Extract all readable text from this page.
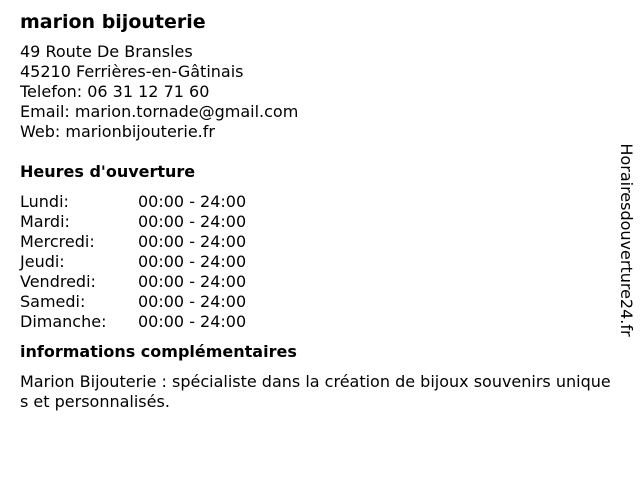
marion bijouterie
49 Route De Bransles
45210 Ferrières-en-Gâtinais
Telefon: 06 31 12 71 60
Email: marion.tornade@gmail.com
Web: marionbijouterie.fr
Heures d'ouverture
Lundi:	00:00 - 24:00
Mardi:	00:00 - 24:00
Mercredi:	00:00 - 24:00
Jeudi:	00:00 - 24:00
Vendredi:	00:00 - 24:00
Samedi:	00:00 - 24:00
Dimanche:	00:00 - 24:00
informations complémentaires
Marion Bijouterie : spécialiste dans la création de bijoux souvenirs uniques et personnalisés.
Horairesdouverture24.fr
